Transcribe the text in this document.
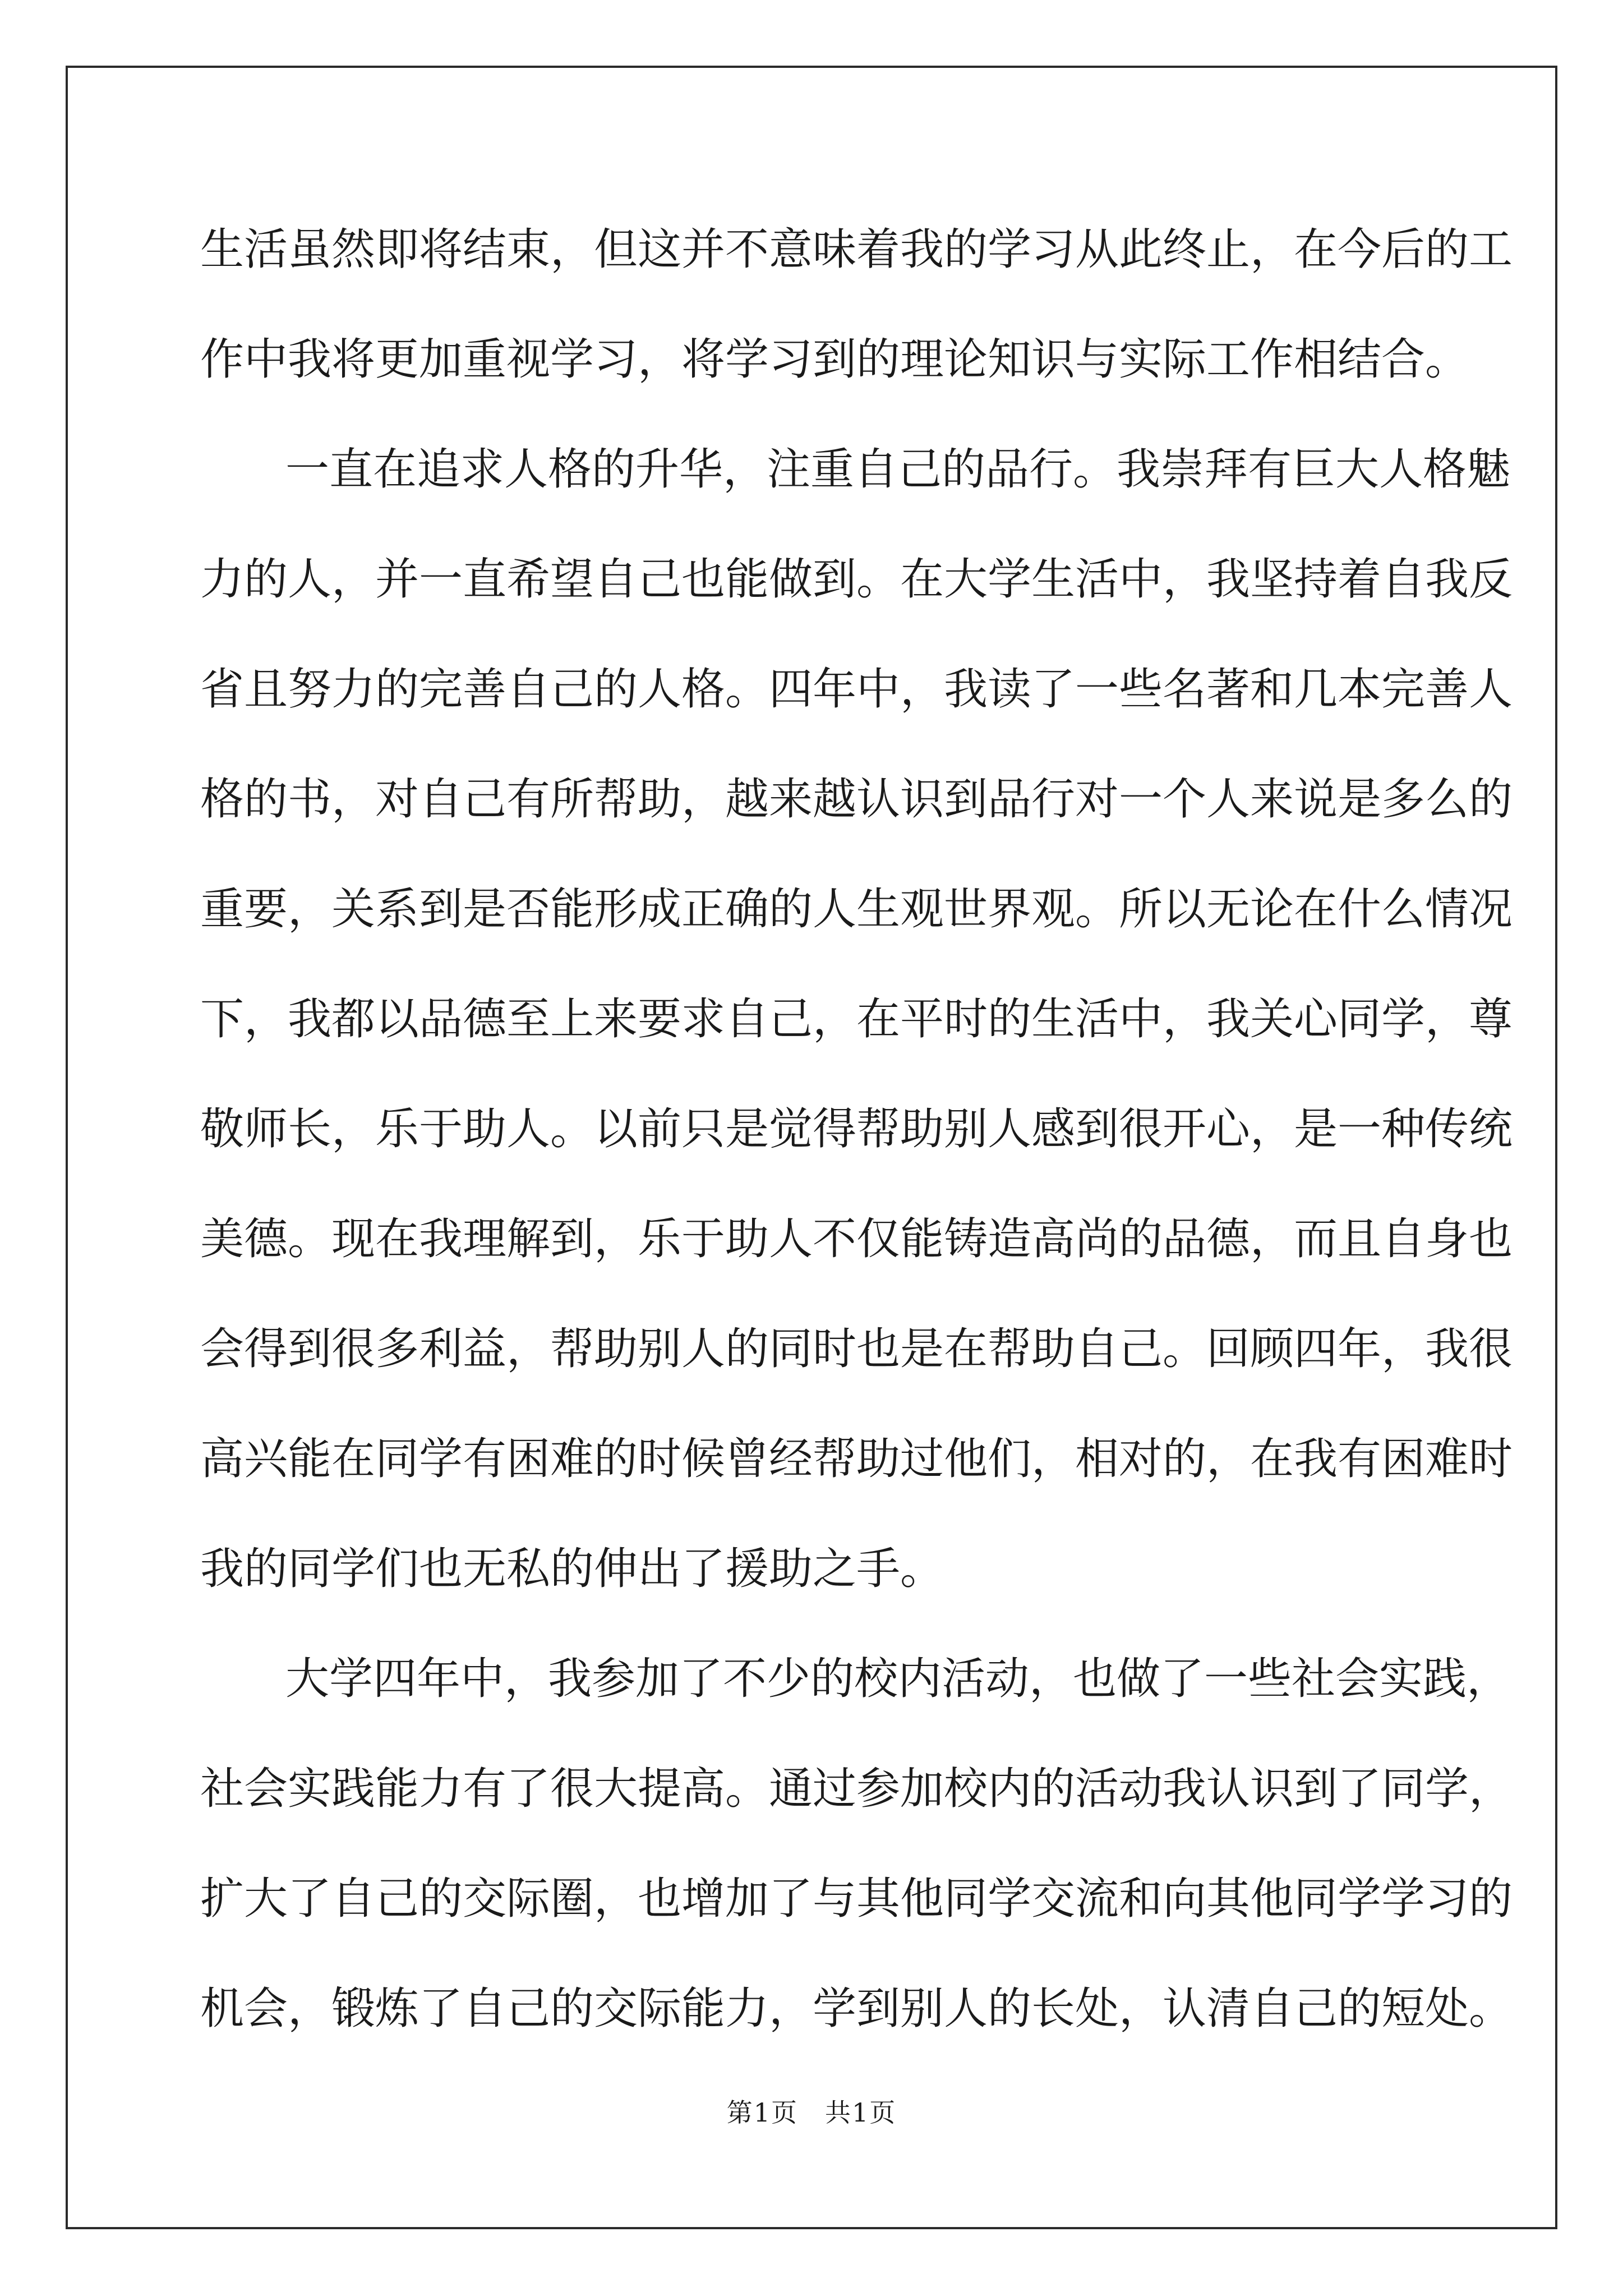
生活虽然即将结束，但这并不意味着我的学习从此终止，在今后的工
作中我将更加重视学习，将学习到的理论知识与实际工作相结合。
一直在追求人格的升华，注重自己的品行。我崇拜有巨大人格魅
力的人，并一直希望自己也能做到。在大学生活中，我坚持着自我反
省且努力的完善自己的人格。四年中，我读了一些名著和几本完善人
格的书，对自己有所帮助，越来越认识到品行对一个人来说是多么的
重要，关系到是否能形成正确的人生观世界观。所以无论在什么情况
下，我都以品德至上来要求自己，在平时的生活中，我关心同学，尊
敬师长，乐于助人。以前只是觉得帮助别人感到很开心，是一种传统
美德。现在我理解到，乐于助人不仅能铸造高尚的品德，而且自身也
会得到很多利益，帮助别人的同时也是在帮助自己。回顾四年，我很
高兴能在同学有困难的时候曾经帮助过他们，相对的，在我有困难时
我的同学们也无私的伸出了援助之手。
大学四年中，我参加了不少的校内活动，也做了一些社会实践，
社会实践能力有了很大提高。通过参加校内的活动我认识到了同学，
扩大了自己的交际圈，也增加了与其他同学交流和向其他同学学习的
机会，锻炼了自己的交际能力，学到别人的长处，认清自己的短处。
第1页　共1页
